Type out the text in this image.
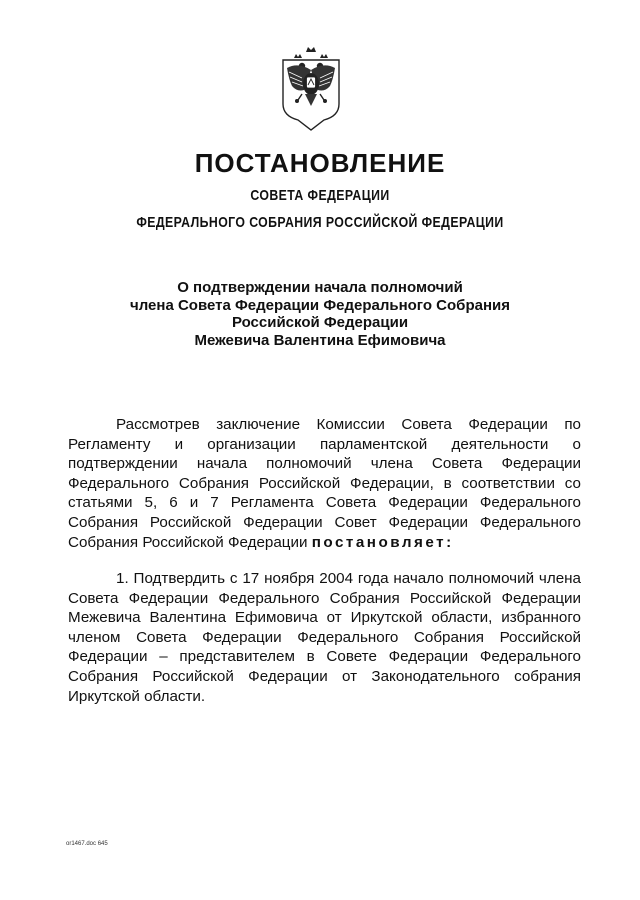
ПОСТАНОВЛЕНИЕ
СОВЕТА ФЕДЕРАЦИИ
ФЕДЕРАЛЬНОГО СОБРАНИЯ РОССИЙСКОЙ ФЕДЕРАЦИИ
О подтверждении начала полномочий
члена Совета Федерации Федерального Собрания
Российской Федерации
Межевича Валентина Ефимовича

Рассмотрев заключение Комиссии Совета Федерации по Регламенту и организации парламентской деятельности о подтверждении начала полномочий члена Совета Федерации Федерального Собрания Российской Федерации, в соответствии со статьями 5, 6 и 7 Регламента Совета Федерации Федерального Собрания Российской Федерации Совет Федерации Федерального Собрания Российской Федерации постановляет:

1. Подтвердить с 17 ноября 2004 года начало полномочий члена Совета Федерации Федерального Собрания Российской Федерации Межевича Валентина Ефимовича от Иркутской области, избранного членом Совета Федерации Федерального Собрания Российской Федерации – представителем в Совете Федерации Федерального Собрания Российской Федерации от Законодательного собрания Иркутской области.

or1467.doc 645
